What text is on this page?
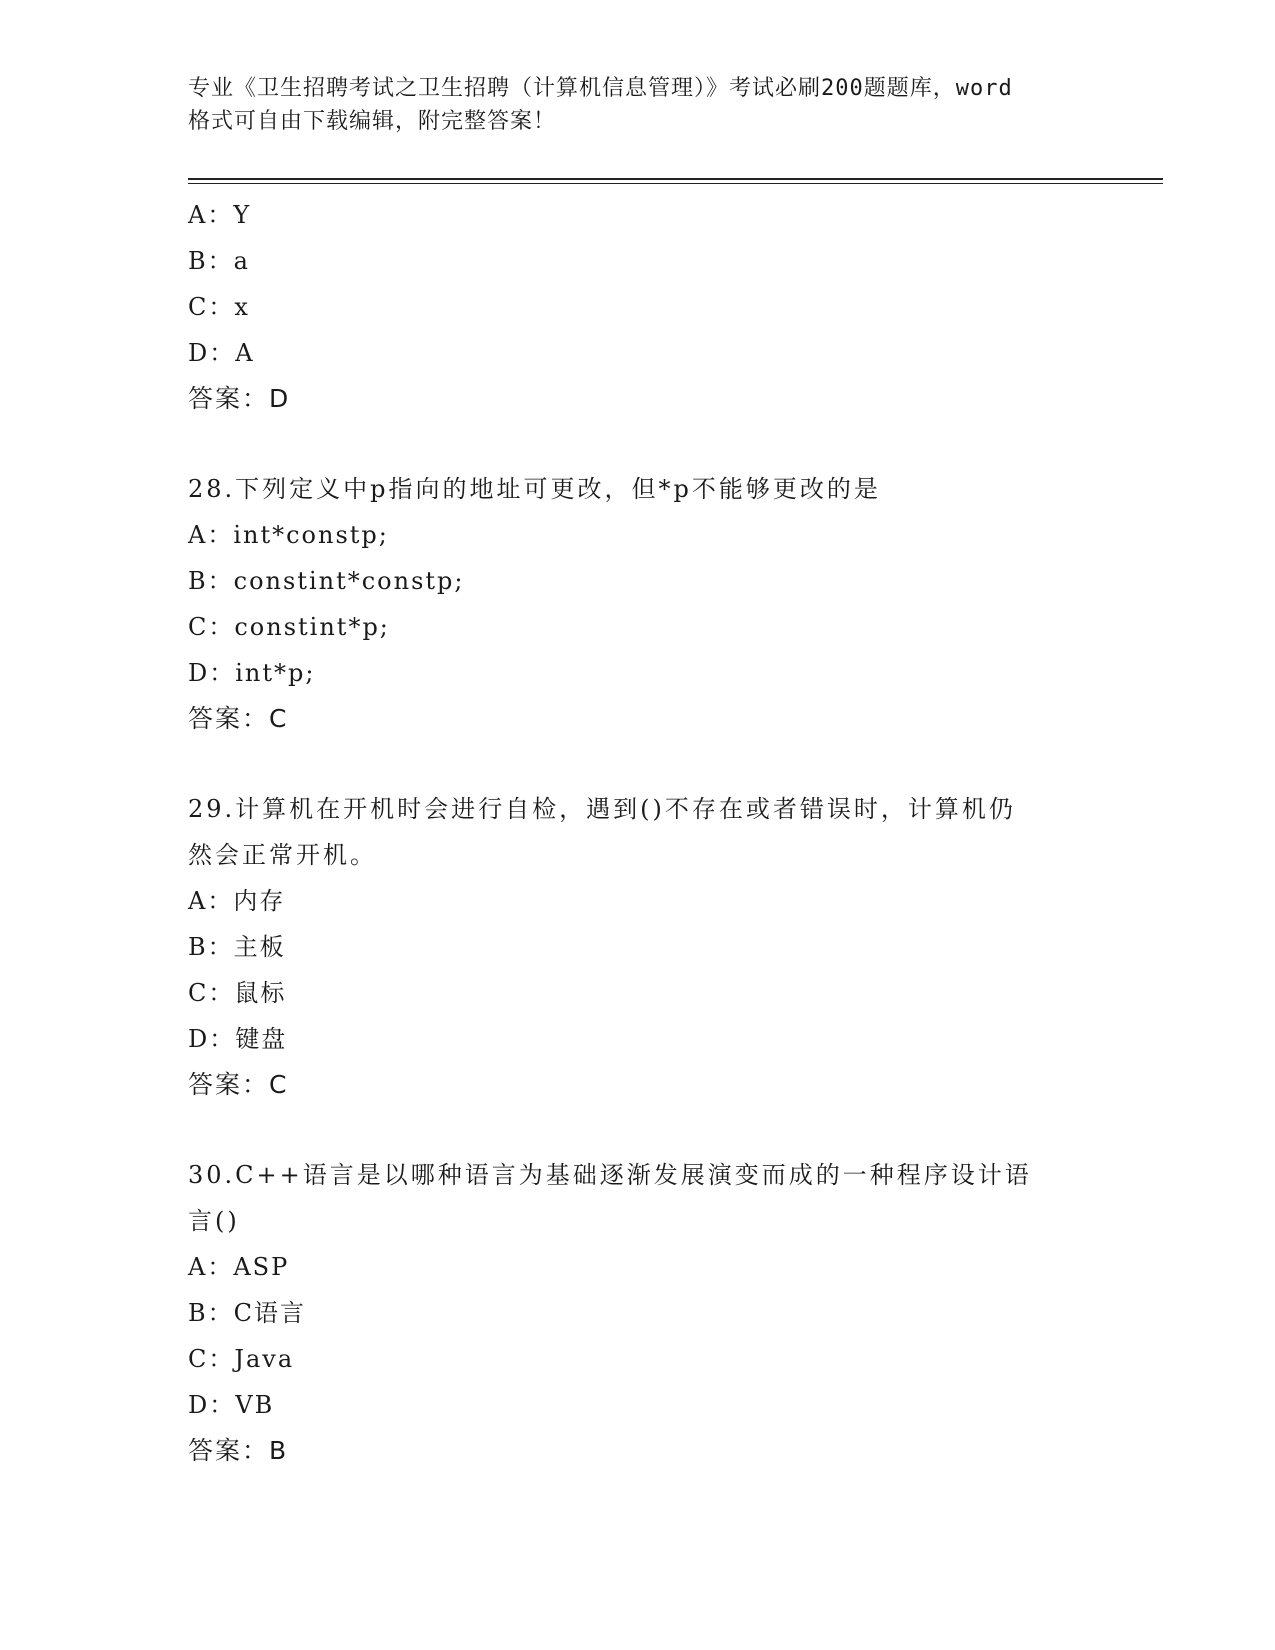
专业《卫生招聘考试之卫生招聘（计算机信息管理）》考试必刷200题题库，word
格式可自由下载编辑，附完整答案！
A：Y
B：a
C：x
D：A
答案：D
28.下列定义中p指向的地址可更改，但*p不能够更改的是
A：int*constp;
B：constint*constp;
C：constint*p;
D：int*p;
答案：C
29.计算机在开机时会进行自检，遇到()不存在或者错误时，计算机仍
然会正常开机。
A：内存
B：主板
C：鼠标
D：键盘
答案：C
30.C++语言是以哪种语言为基础逐渐发展演变而成的一种程序设计语
言()
A：ASP
B：C语言
C：Java
D：VB
答案：B
